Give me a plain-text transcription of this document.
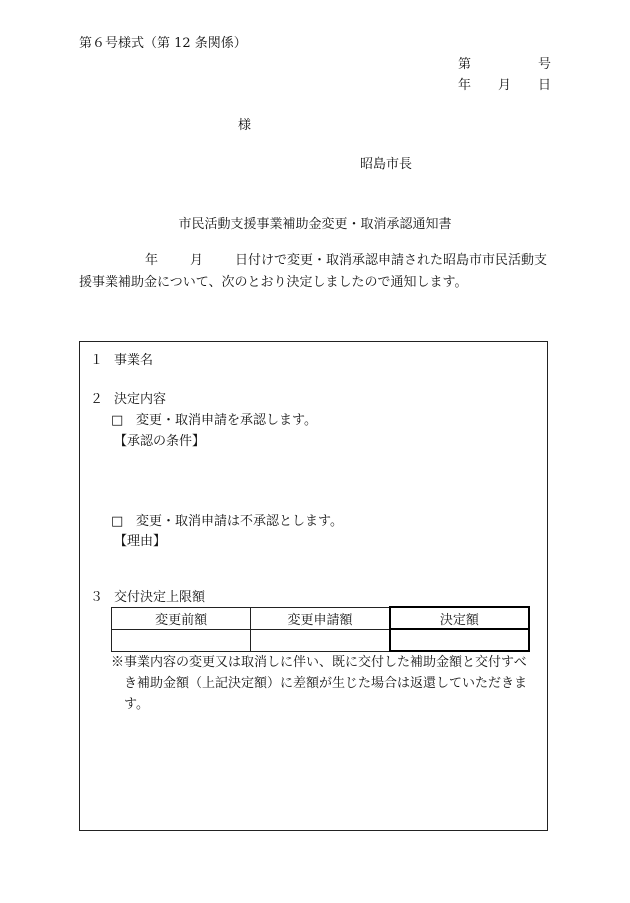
第６号様式（第 12 条関係）
第	号
年 月 日
様
昭島市長
市民活動支援事業補助金変更・取消承認通知書
年 月 日付けで変更・取消承認申請された昭島市市民活動支
援事業補助金について、次のとおり決定しましたので通知します。
１ 事業名
２ 決定内容
□ 変更・取消申請を承認します。
【承認の条件】
□ 変更・取消申請は不承認とします。
【理由】
３ 交付決定上限額
変更前額	変更申請額	決定額

※事業内容の変更又は取消しに伴い、既に交付した補助金額と交付すべ
き補助金額（上記決定額）に差額が生じた場合は返還していただきま
す。
